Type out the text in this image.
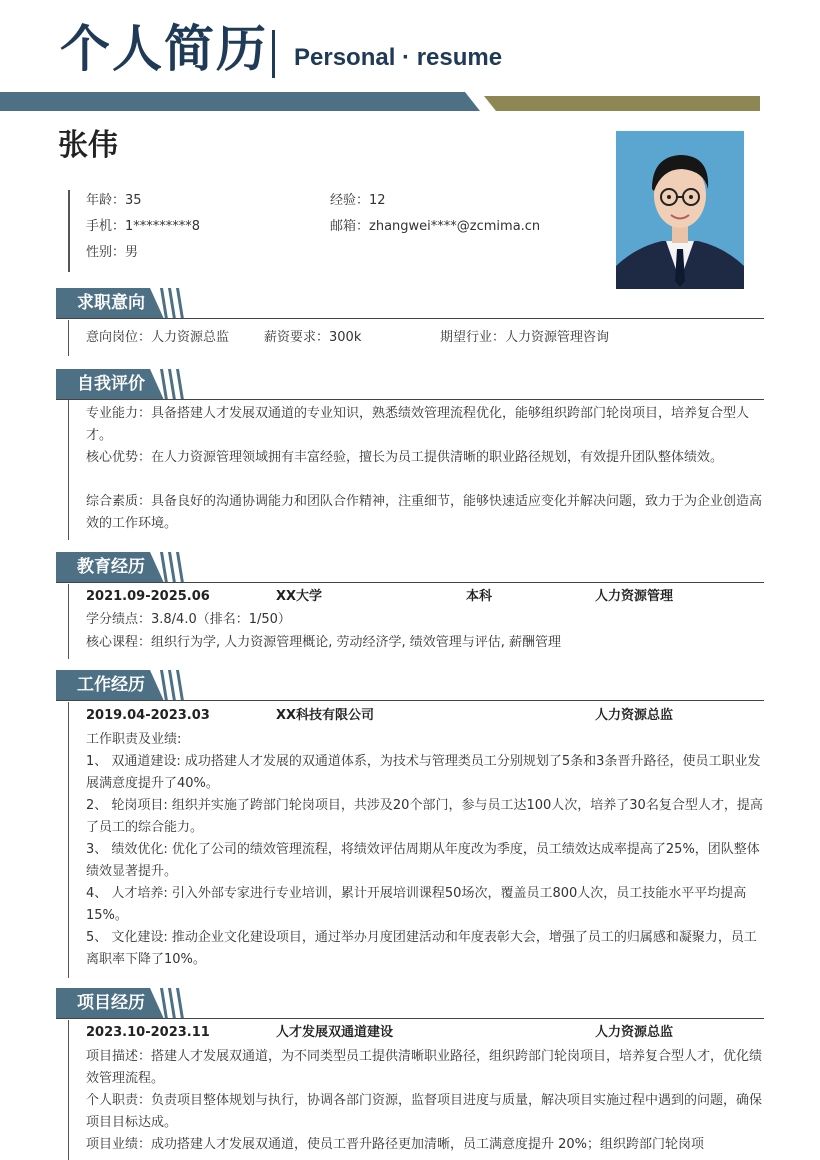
个人简历 Personal · resume
张伟
年龄：35	经验：12
手机：1*********8	邮箱：zhangwei****@zcmima.cn
性别：男
求职意向
意向岗位：人力资源总监	薪资要求：300k	期望行业：人力资源管理咨询
自我评价
专业能力：具备搭建人才发展双通道的专业知识，熟悉绩效管理流程优化，能够组织跨部门轮岗项目，培养复合型人才。
核心优势：在人力资源管理领域拥有丰富经验，擅长为员工提供清晰的职业路径规划，有效提升团队整体绩效。
综合素质：具备良好的沟通协调能力和团队合作精神，注重细节，能够快速适应变化并解决问题，致力于为企业创造高效的工作环境。
教育经历
2021.09-2025.06	XX大学	本科	人力资源管理
学分绩点：3.8/4.0（排名：1/50）
核心课程：组织行为学, 人力资源管理概论, 劳动经济学, 绩效管理与评估, 薪酬管理
工作经历
2019.04-2023.03	XX科技有限公司	人力资源总监
工作职责及业绩:
1、 双通道建设: 成功搭建人才发展的双通道体系，为技术与管理类员工分别规划了5条和3条晋升路径，使员工职业发展满意度提升了40%。
2、 轮岗项目: 组织并实施了跨部门轮岗项目，共涉及20个部门，参与员工达100人次，培养了30名复合型人才，提高了员工的综合能力。
3、 绩效优化: 优化了公司的绩效管理流程，将绩效评估周期从年度改为季度，员工绩效达成率提高了25%，团队整体绩效显著提升。
4、 人才培养: 引入外部专家进行专业培训，累计开展培训课程50场次，覆盖员工800人次，员工技能水平平均提高15%。
5、 文化建设: 推动企业文化建设项目，通过举办月度团建活动和年度表彰大会，增强了员工的归属感和凝聚力，员工离职率下降了10%。
项目经历
2023.10-2023.11	人才发展双通道建设	人力资源总监
项目描述：搭建人才发展双通道，为不同类型员工提供清晰职业路径，组织跨部门轮岗项目，培养复合型人才，优化绩效管理流程。
个人职责：负责项目整体规划与执行，协调各部门资源，监督项目进度与质量，解决项目实施过程中遇到的问题，确保项目目标达成。
项目业绩：成功搭建人才发展双通道，使员工晋升路径更加清晰，员工满意度提升 20%；组织跨部门轮岗项
